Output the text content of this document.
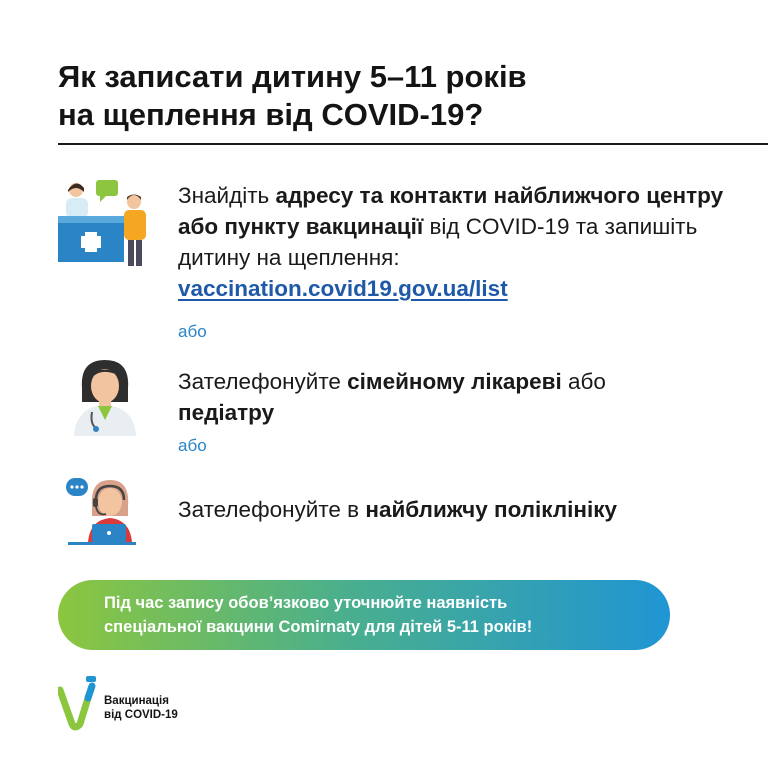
Як записати дитину 5–11 років
на щеплення від COVID-19?
Знайдіть адресу та контакти найближчого центру або пункту вакцинації від COVID-19 та запишіть дитину на щеплення:
vaccination.covid19.gov.ua/list
або
Зателефонуйте сімейному лікареві або
педіатру
або
Зателефонуйте в найближчу поліклініку
Під час запису обов’язково уточнюйте наявність
спеціальної вакцини Comirnaty для дітей 5-11 років!
Вакцинація
від COVID-19
